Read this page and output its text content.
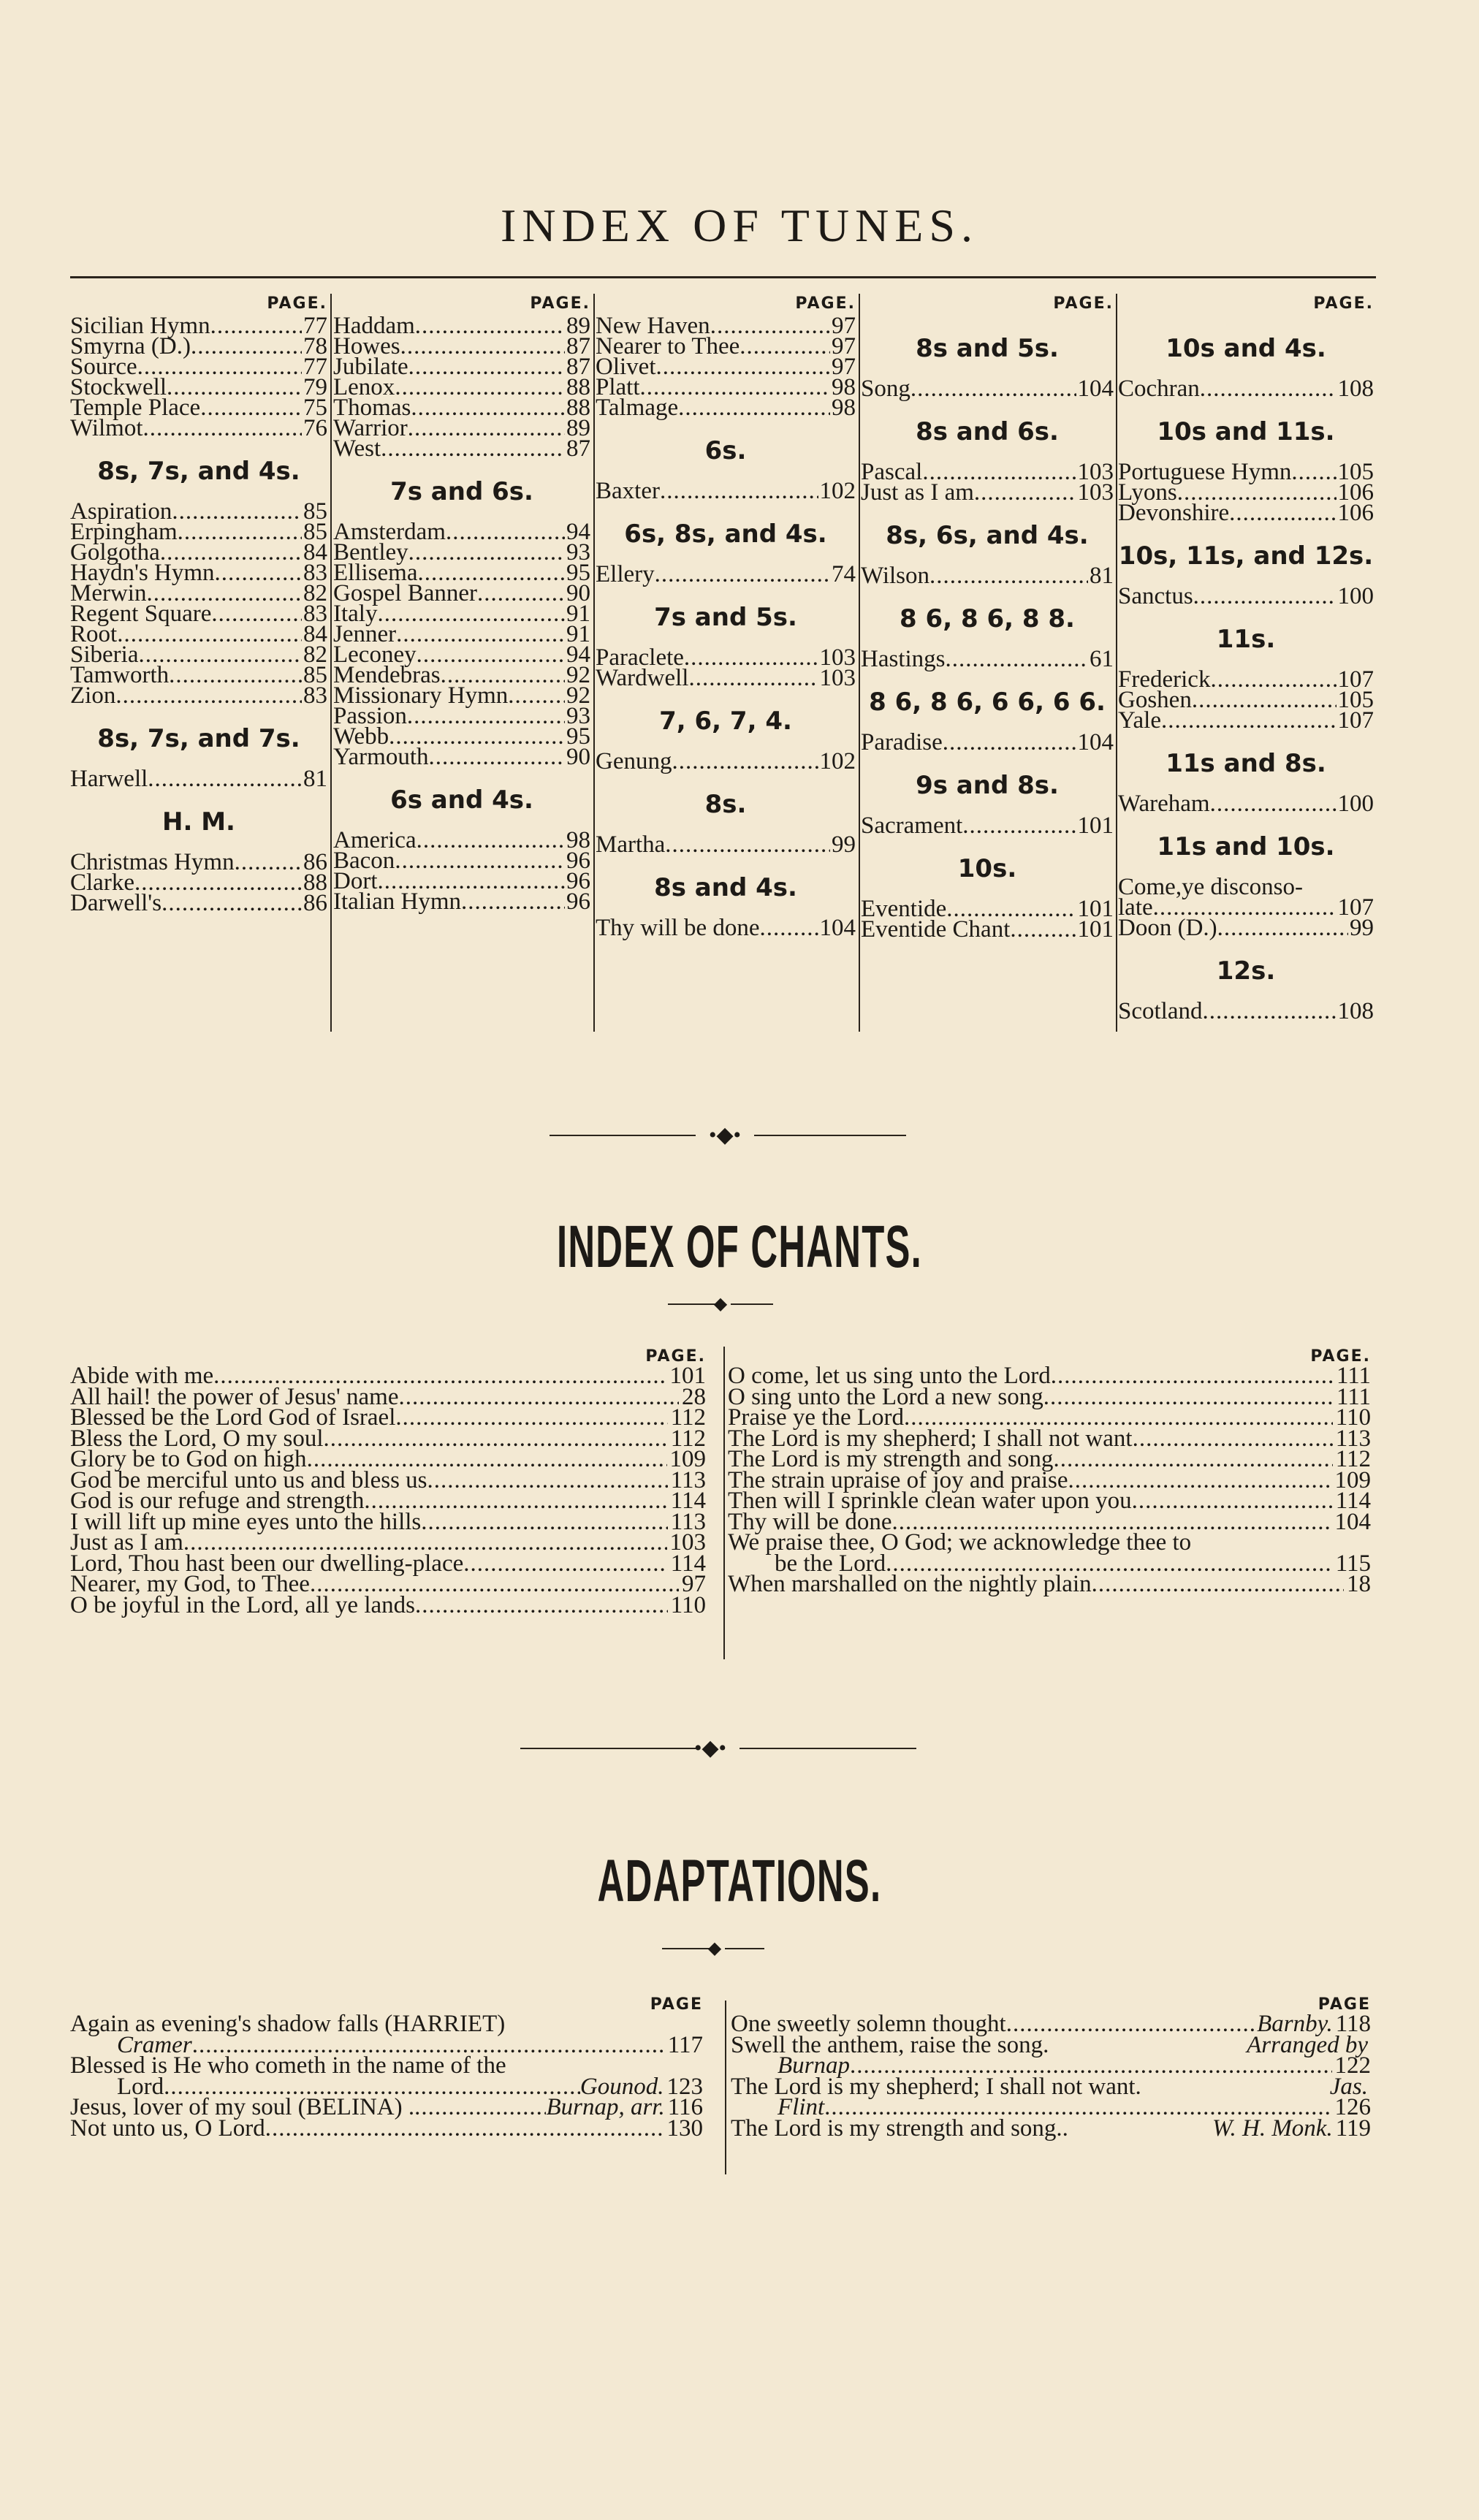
INDEX OF TUNES.
PAGE.
Sicilian Hymn .....	77
Smyrna (D.) .....	78
Source .....	77
Stockwell .....	79
Temple Place .....	75
Wilmot .....	76
8s, 7s, and 4s.
Aspiration .....	85
Erpingham .....	85
Golgotha .....	84
Haydn's Hymn .....	83
Merwin .....	82
Regent Square .....	83
Root .....	84
Siberia .....	82
Tamworth .....	85
Zion .....	83
8s, 7s, and 7s.
Harwell .....	81
H. M.
Christmas Hymn .....	86
Clarke .....	88
Darwell's .....	86
PAGE.
Haddam .....	89
Howes .....	87
Jubilate .....	87
Lenox .....	88
Thomas .....	88
Warrior .....	89
West .....	87
7s and 6s.
Amsterdam .....	94
Bentley .....	93
Ellisema .....	95
Gospel Banner .....	90
Italy .....	91
Jenner .....	91
Leconey .....	94
Mendebras .....	92
Missionary Hymn ..... 92
Passion .....	93
Webb .....	95
Yarmouth .....	90
6s and 4s.
America .....	98
Bacon .....	96
Dort .....	96
Italian Hymn .....	96
PAGE.
New Haven .....	97
Nearer to Thee .....	97
Olivet .....	97
Platt .....	98
Talmage .....	98
6s.
Baxter .....	102
6s, 8s, and 4s.
Ellery .....	74
7s and 5s.
Paraclete .....	103
Wardwell .....	103
7, 6, 7, 4.
Genung .....	102
8s.
Martha .....	99
8s and 4s.
Thy will be done ..... 104
PAGE.
8s and 5s.
Song .....	104
8s and 6s.
Pascal .....	103
Just as I am .....	103
8s, 6s, and 4s.
Wilson .....	81
8 6, 8 6, 8 8.
Hastings .....	61
8 6, 8 6, 6 6, 6 6.
Paradise .....	104
9s and 8s.
Sacrament .....	101
10s.
Eventide .....	101
Eventide Chant .....	101
PAGE.
10s and 4s.
Cochran .....	108
10s and 11s.
Portuguese Hymn ..... 105
Lyons .....	106
Devonshire .....	106
10s, 11s, and 12s.
Sanctus .....	100
11s.
Frederick .....	107
Goshen .....	105
Yale .....	107
11s and 8s.
Wareham .....	100
11s and 10s.
Come,ye disconso-
late .....	107
Doon (D.) .....	99
12s.
Scotland .....	108
•◆•
INDEX OF CHANTS.
◆
PAGE.
Abide with me .....	101
All hail! the power of Jesus' name .....	28
Blessed be the Lord God of Israel .....	112
Bless the Lord, O my soul .....	112
Glory be to God on high .....	109
God be merciful unto us and bless us .....	113
God is our refuge and strength .....	114
I will lift up mine eyes unto the hills .....	113
Just as I am .....	103
Lord, Thou hast been our dwelling-place .....	114
Nearer, my God, to Thee .....	97
O be joyful in the Lord, all ye lands .....	110
PAGE.
O come, let us sing unto the Lord .....	111
O sing unto the Lord a new song .....	111
Praise ye the Lord .....	110
The Lord is my shepherd; I shall not want .....	113
The Lord is my strength and song .....	112
The strain upraise of joy and praise .....	109
Then will I sprinkle clean water upon you .....	114
Thy will be done .....	104
We praise thee, O God; we acknowledge thee to
be the Lord .....	115
When marshalled on the nightly plain .....	18
•◆•
ADAPTATIONS.
◆
PAGE
Again as evening's shadow falls (HARRIET)
Cramer .....	117
Blessed is He who cometh in the name of the
Lord .....	Gounod. 123
Jesus, lover of my soul (BELINA) . .....	Burnap, arr. 116
Not unto us, O Lord .....	130
PAGE
One sweetly solemn thought .....	Barnby. 118
Swell the anthem, raise the song.	Arranged by
Burnap .....	122
The Lord is my shepherd; I shall not want.	Jas.
Flint .....	126
The Lord is my strength and song..	W. H. Monk. 119
